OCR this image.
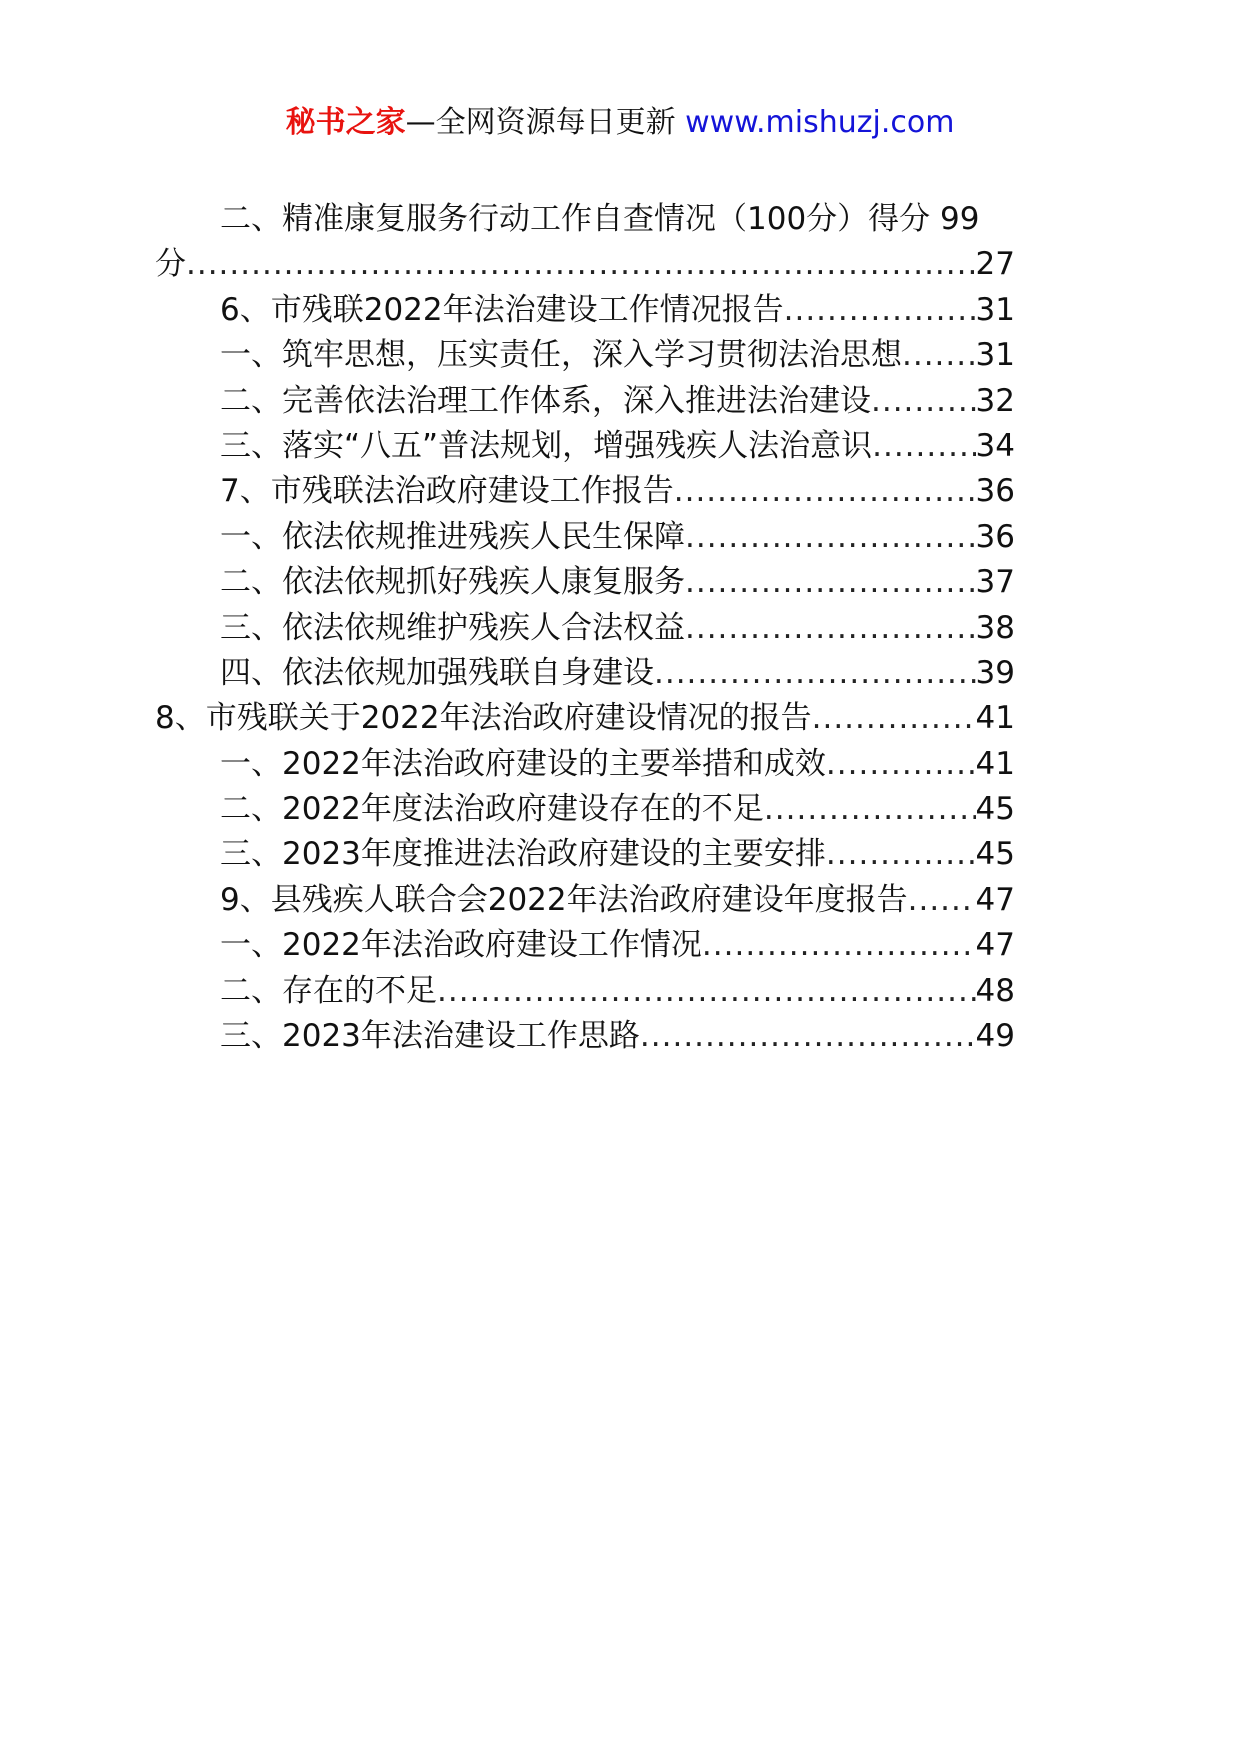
秘书之家—全网资源每日更新 www.mishuzj.com
二、精准康复服务行动工作自查情况（100分）得分 99
分 .....	27
6、市残联2022年法治建设工作情况报告 .....	31
一、筑牢思想，压实责任，深入学习贯彻法治思想 ..... 31
二、完善依法治理工作体系，深入推进法治建设 .....	32
三、落实“八五”普法规划，增强残疾人法治意识 .....	34
7、市残联法治政府建设工作报告 .....	36
一、依法依规推进残疾人民生保障 .....	36
二、依法依规抓好残疾人康复服务 .....	37
三、依法依规维护残疾人合法权益 .....	38
四、依法依规加强残联自身建设 .....	39
8、市残联关于2022年法治政府建设情况的报告 .....	41
一、2022年法治政府建设的主要举措和成效 .....	41
二、2022年度法治政府建设存在的不足 .....	45
三、2023年度推进法治政府建设的主要安排 .....	45
9、县残疾人联合会2022年法治政府建设年度报告 ..... 47
一、2022年法治政府建设工作情况 .....	47
二、存在的不足 .....	48
三、2023年法治建设工作思路 .....	49
